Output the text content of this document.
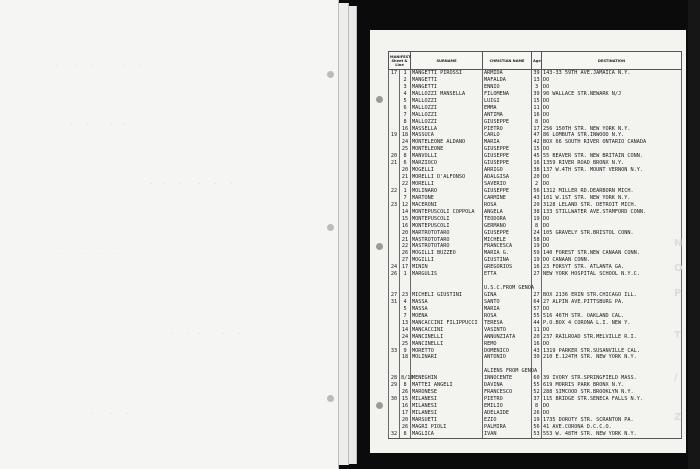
.    .   .       .   .
.   .     .  .
.  .   .    .   .   .
.     .   .   .
.   .  .     .   .
.    .   .
MANIFEST Sheet & Line		SURNAME	CHRISTIAN NAME	Age	DESTINATION
17	1	MANGETTI PIROSSI	ARMIDA	39	143-33 59TH AVE.JAMAICA N.Y.
	2	MANGETTI	MAFALDA	13	DO
	3	MANGETTI	ENNIO	3	DO
	4	MALLOZZI MANSELLA	FILOMENA	39	90 WALLACE STR.NEWARK N/J
	5	MALLOZZI	LUIGI	15	DO
	6	MALLOZZI	EMMA	11	DO
	7	MALLOZZI	ANTIMA	16	DO
	8	MALLOZZI	GIUSEPPE	8	DO
	16	MASSELLA	PIETRO	17	256 150TH STR. NEW YORK N.Y.
19	18	MASSUCA	CARLO	47	86 LOMBUTA STR.INWOOD N.Y.
	24	MONTELEONE ALDANO	MARIA	42	BOX 66 SOUTH RIVER ONTARIO CANADA
	25	MONTELEONE	GIUSEPPE	15	DO
20	8	MANVOLLI	GIUSEPPE	45	55 BEAVER STR. NEW BRITAIN CONN.
21	6	MARZIOCO	GIUSEPPE	16	1359 RIVER ROAD BRONX N.Y.
	20	MOGELLI	ARRIGO	38	137 W.4TH STR. MOUNT VERNON N.Y.
	21	MORELLI D'ALFONSO	ADALGISA	20	DO
	22	MORELLI	SAVERIO	2	DO
22	1	MOLINARO	GIUSEPPE	56	1312 MILLER RD.DEARBORN MICH.
	7	MARTONE	CARMINE	43	101 W.1ST STR. NEW YORK N.Y.
23	12	MACERONI	ROSA	20	3128 LELAND STR. DETROIT MICH.
	14	MONTEPUSCOLI COPPOLA	ANGELA	38	133 STILLWATER AVE.STAMFORD CONN.
	15	MONTEPUSCOLI	TEODORA	19	DO
	16	MONTEPUSCOLI	GERMANO	8	DO
	20	MARTROTOTARO	GIUSEPPE	24	105 GRAVELY STR.BRISTOL CONN.
	21	MASTROTOTARO	MICHELE	58	DO
	22	MASTROTOTARO	FRANCESCA	19	DO
	26	MOGILLI BUZZEO	MARIA G.	59	140 FOREST STR.NEW CANAAN CONN.
	27	MOGILLI	GIUSTINA	19	DO CANAAN CONN.
24	17	MININ	GREGORIOS	16	23 FORSYT STR. ATLANTA GA.
26	1	MARGULIS	ETTA	27	NEW YORK HOSPITAL SCHOOL N.Y.C.

			U.S.C.FROM GENOA		
27	23	MICHELI GIUSTINI	GINA	27	BOX 2136 ERIN STR.CHICAGO ILL.
31	4	MASSA	SANTO	64	27 ALPIN AVE.PITTSBURG PA.
	5	MASSA	MARIA	57	DO
	7	MOENA	ROSA	55	516 46TH STR. OAKLAND CAL.
	13	MANCACCINI FILIPPUCCI	TERESA	44	P.O.BOX 4 CORONA L.I. NEW Y.
	14	MANCACCINI	VASINTO	11	DO
	24	MANCINELLI	ANNUNZIATA	20	237 RAILROAD STR.MELVILLE R.I.
	25	MANCINELLI	REMO	16	DO
33	9	MORETTO	DOMENICO	43	1319 PARKER STR.SUSANVILLE CAL.
	18	MOLINARI	ANTONIO	30	210 E.124TH STR. NEW YORK N.Y.

			ALIENS FROM GENOA		
28	8/16	MENEGHIN	INNOCENTE	60	39 IVORY STR.SPRINGFIELD MASS.
29	8	MATTEI ANGELI	DAVINA	55	619 MORRIS PARK BRONX N.Y.
	26	MARONESE	FRANCESCO	52	288 SIMCOOD STR.BROOKLYN N.Y.
30	15	MILANESI	PIETRO	37	115 BRIDGE STR.SENECA FALLS N.Y.
	16	MILANESI	EMILIO	8	DO
	17	MILANESI	ADELAIDE	26	DO
	20	MARSUETI	EZIO	19	1735 DOROTY STR. SCRANTON PA.
	26	MAGRI PIOLI	PALMIRA	56	41 AVE.CORONA D.C.C.O.
32	8	MAGLICA	IVAN	53	553 W. 48TH STR. NEW YORK N.Y.
N
O
P
T
/
Z
